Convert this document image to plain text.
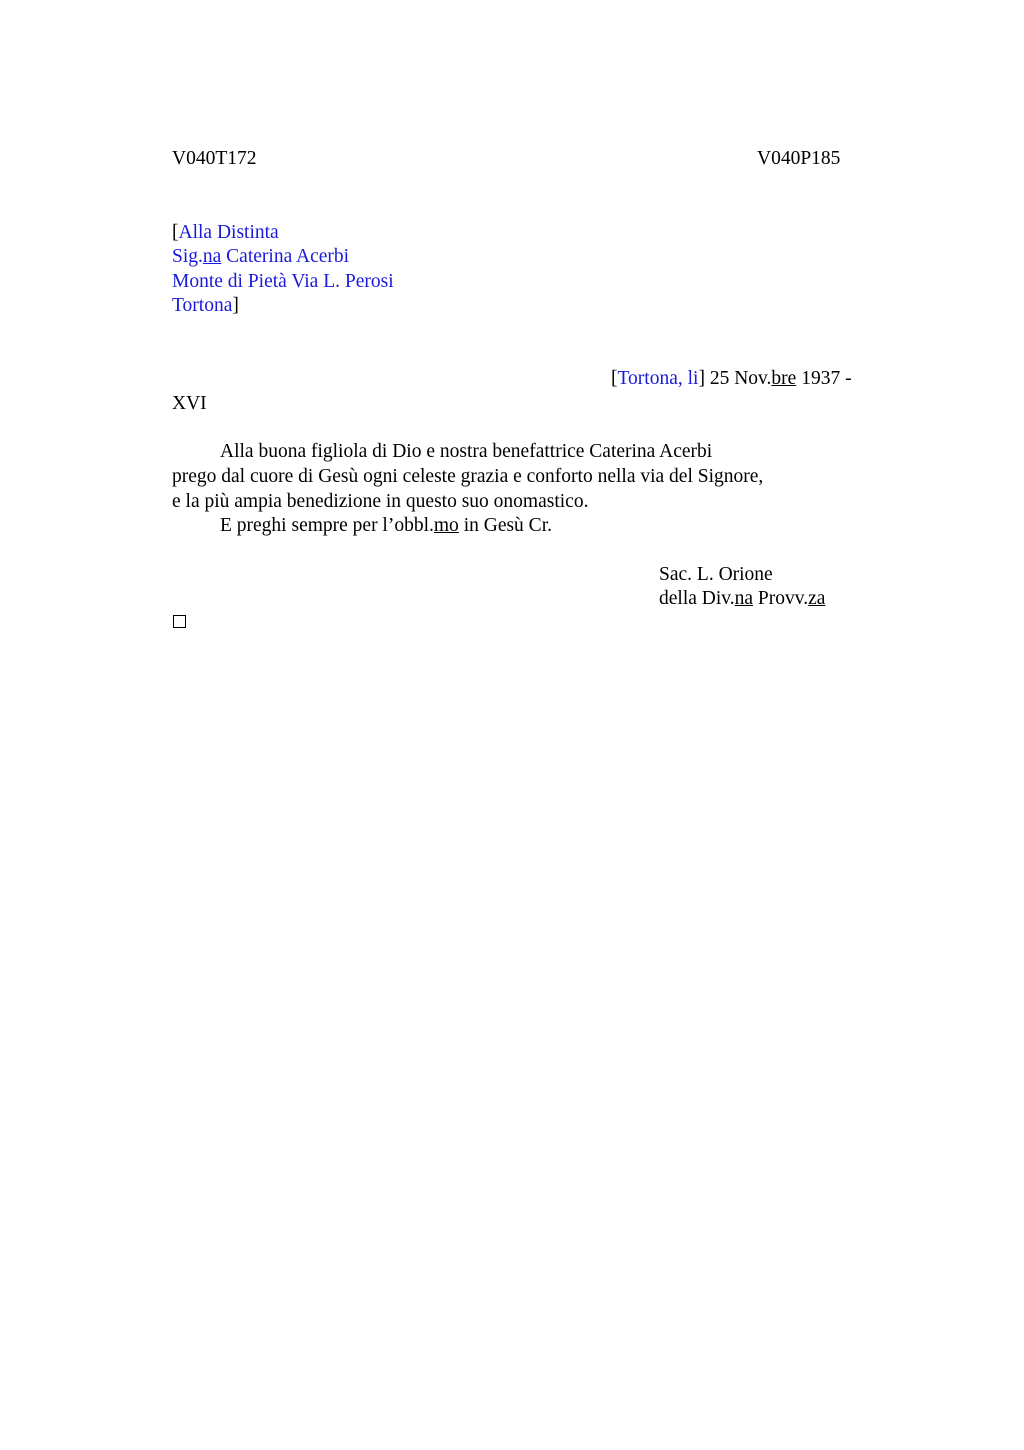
V040T172	V040P185
[Alla Distinta
Sig.na Caterina Acerbi
Monte di Pietà Via L. Perosi
Tortona]
[Tortona, li] 25 Nov.bre 1937 -
XVI
Alla buona figliola di Dio e nostra benefattrice Caterina Acerbi
prego dal cuore di Gesù ogni celeste grazia e conforto nella via del Signore,
e la più ampia benedizione in questo suo onomastico.
E preghi sempre per l’obbl.mo in Gesù Cr.
Sac. L. Orione
della Div.na Provv.za
